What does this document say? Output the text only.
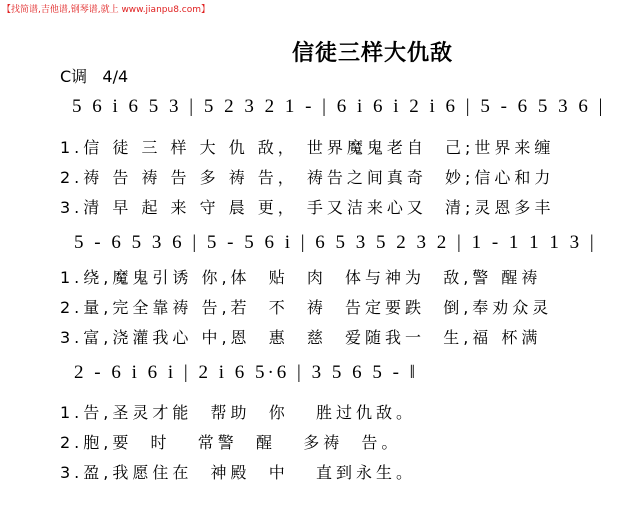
【找简谱,吉他谱,钢琴谱,就上 www.jianpu8.com】
信徒三样大仇敌
C调   4/4
5 6 i 6 5 3 | 5 2 3 2 1 - | 6 i 6 i 2 i 6 | 5 - 6 5 3 6 |
1.信 徒 三 样 大 仇 敌， 世界魔鬼老自  己;世界来缠
2.祷 告 祷 告 多 祷 告， 祷告之间真奇  妙;信心和力
3.清 早 起 来 守 晨 更， 手又洁来心又  清;灵恩多丰
5 - 6 5 3 6 | 5 - 5 6 i | 6 5 3 5 2 3 2 | 1 - 1 1 1 3 |
1.绕,魔鬼引诱 你,体  贴  肉  体与神为  敌,警 醒祷
2.量,完全靠祷 告,若  不  祷  告定要跌  倒,奉劝众灵
3.富,浇灌我心 中,恩  惠  慈  爱随我一  生,福 杯满
2 - 6 i 6 i | 2 i 6 5·6 | 3 5 6 5 - ‖
1.告,圣灵才能  帮助  你   胜过仇敌。
2.胞,要  时   常警  醒   多祷  告。
3.盈,我愿住在  神殿  中   直到永生。
